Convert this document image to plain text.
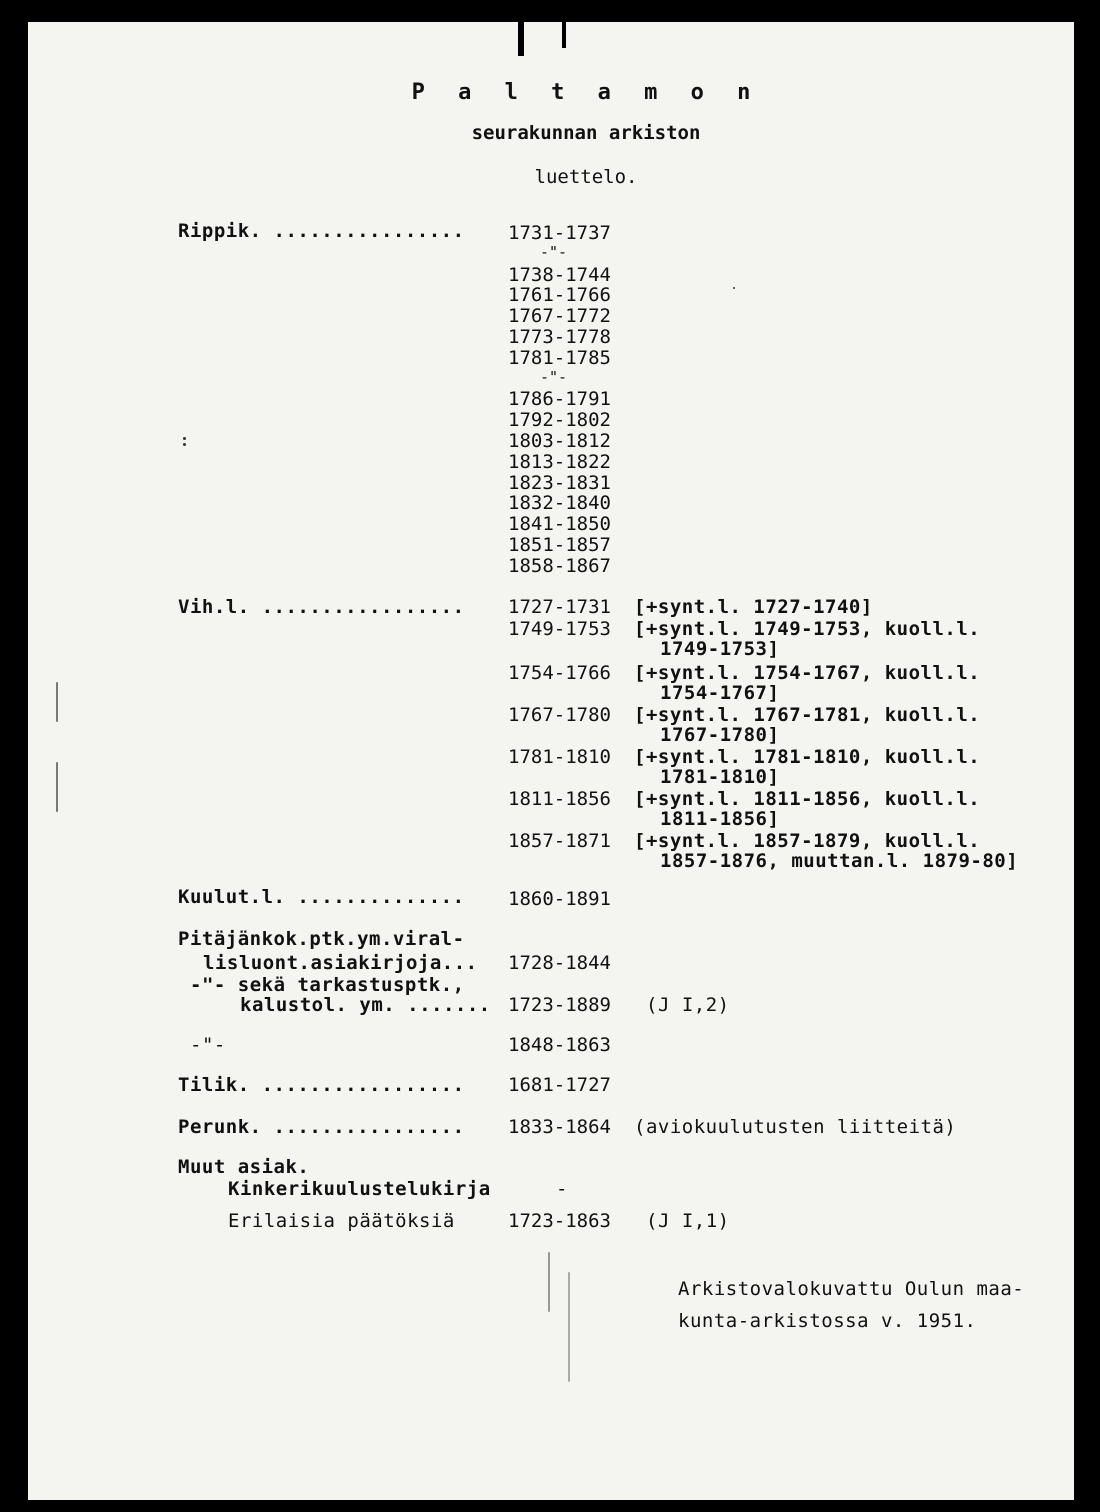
P a l t a m o n
seurakunnan arkiston
luettelo.
Rippik. ................ 1731-1737
-"-
1738-1744
1761-1766
1767-1772
1773-1778
1781-1785
-"-
1786-1791
1792-1802
1803-1812
1813-1822
1823-1831
1832-1840
1841-1850
1851-1857
1858-1867
Vih.l. ................. 1727-1731 [+synt.l. 1727-1740]
1749-1753 [+synt.l. 1749-1753, kuoll.l.
1749-1753]
1754-1766 [+synt.l. 1754-1767, kuoll.l.
1754-1767]
1767-1780 [+synt.l. 1767-1781, kuoll.l.
1767-1780]
1781-1810 [+synt.l. 1781-1810, kuoll.l.
1781-1810]
1811-1856 [+synt.l. 1811-1856, kuoll.l.
1811-1856]
1857-1871 [+synt.l. 1857-1879, kuoll.l.
1857-1876, muuttan.l. 1879-80]
Kuulut.l. .............. 1860-1891
Pitäjänkok.ptk.ym.viral-
lisluont.asiakirjoja... 1728-1844
-"- sekä tarkastusptk.,
kalustol. ym. ....... 1723-1889 (J I,2)
-"-	1848-1863
Tilik. ................. 1681-1727
Perunk. ................ 1833-1864 (aviokuulutusten liitteitä)
Muut asiak.
Kinkerikuulustelukirja	-
Erilaisia päätöksiä	1723-1863 (J I,1)
Arkistovalokuvattu Oulun maa-
kunta-arkistossa v. 1951.
